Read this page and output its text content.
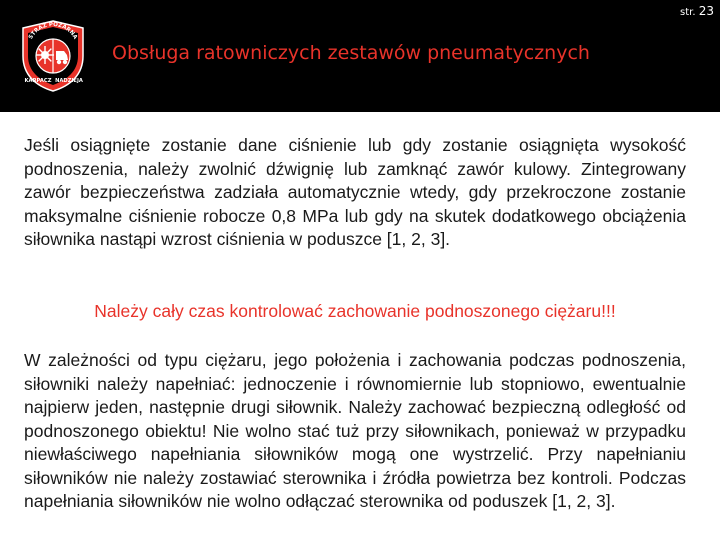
str. 23
STRAŻ POŻARNA
KARPACZ NADZIEJA
Obsługa ratowniczych zestawów pneumatycznych

Jeśli osiągnięte zostanie dane ciśnienie lub gdy zostanie osiągnięta wysokość podnoszenia, należy zwolnić dźwignię lub zamknąć zawór kulowy. Zintegrowany zawór bezpieczeństwa zadziała automatycznie wtedy, gdy przekroczone zostanie maksymalne ciśnienie robocze 0,8 MPa lub gdy na skutek dodatkowego obciążenia siłownika nastąpi wzrost ciśnienia w poduszce [1, 2, 3].

Należy cały czas kontrolować zachowanie podnoszonego ciężaru!!!

W zależności od typu ciężaru, jego położenia i zachowania podczas podnoszenia, siłowniki należy napełniać: jednoczenie i równomiernie lub stopniowo, ewentualnie najpierw jeden, następnie drugi siłownik. Należy zachować bezpieczną odległość od podnoszonego obiektu! Nie wolno stać tuż przy siłownikach, ponieważ w przypadku niewłaściwego napełniania siłowników mogą one wystrzelić. Przy napełnianiu siłowników nie należy zostawiać sterownika i źródła powietrza bez kontroli. Podczas napełniania siłowników nie wolno odłączać sterownika od poduszek [1, 2, 3].
